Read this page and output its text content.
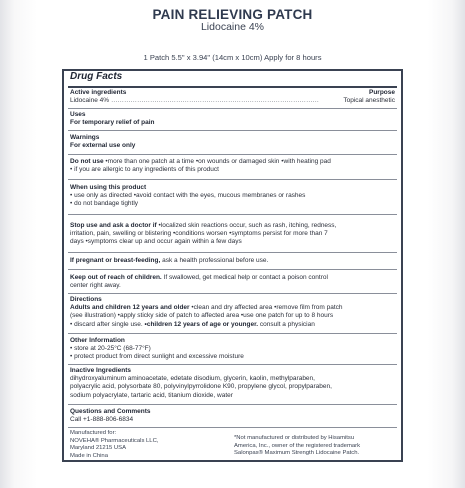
PAIN RELIEVING PATCH
Lidocaine 4%
1 Patch 5.5" x 3.94" (14cm x 10cm) Apply for 8 hours
Drug Facts
Active ingredients	Purpose
Lidocaine 4% ……………………………………………………………………………………	Topical anesthetic
Uses
For temporary relief of pain
Warnings
For external use only
Do not use •more than one patch at a time •on wounds or damaged skin •with heating pad
• if you are allergic to any ingredients of this product
When using this product
• use only as directed •avoid contact with the eyes, mucous membranes or rashes
• do not bandage tightly
Stop use and ask a doctor if •localized skin reactions occur, such as rash, itching, redness,
irritation, pain, swelling or blistering •conditions worsen •symptoms persist for more than 7
days •symptoms clear up and occur again within a few days
If pregnant or breast-feeding, ask a health professional before use.
Keep out of reach of children. If swallowed, get medical help or contact a poison control
center right away.
Directions
Adults and children 12 years and older •clean and dry affected area •remove film from patch
(see illustration) •apply sticky side of patch to affected area •use one patch for up to 8 hours
• discard after single use. •children 12 years of age or younger. consult a physician
Other Information
• store at 20-25°C (68-77°F)
• protect product from direct sunlight and excessive moisture
Inactive Ingredients
dihydroxyaluminum aminoacetate, edetate disodium, glycerin, kaolin, methylparaben,
polyacrylic acid, polysorbate 80, polyvinylpyrrolidone K90, propylene glycol, propylparaben,
sodium polyacrylate, tartaric acid, titanium dioxide, water
Questions and Comments
Call +1-888-806-6834
Manufactured for:
NOVEHA® Pharmaceuticals LLC,
Maryland 21215 USA
Made in China
*Not manufactured or distributed by Hisamitsu
America, Inc., owner of the registered trademark
Salonpas® Maximum Strength Lidocaine Patch.
